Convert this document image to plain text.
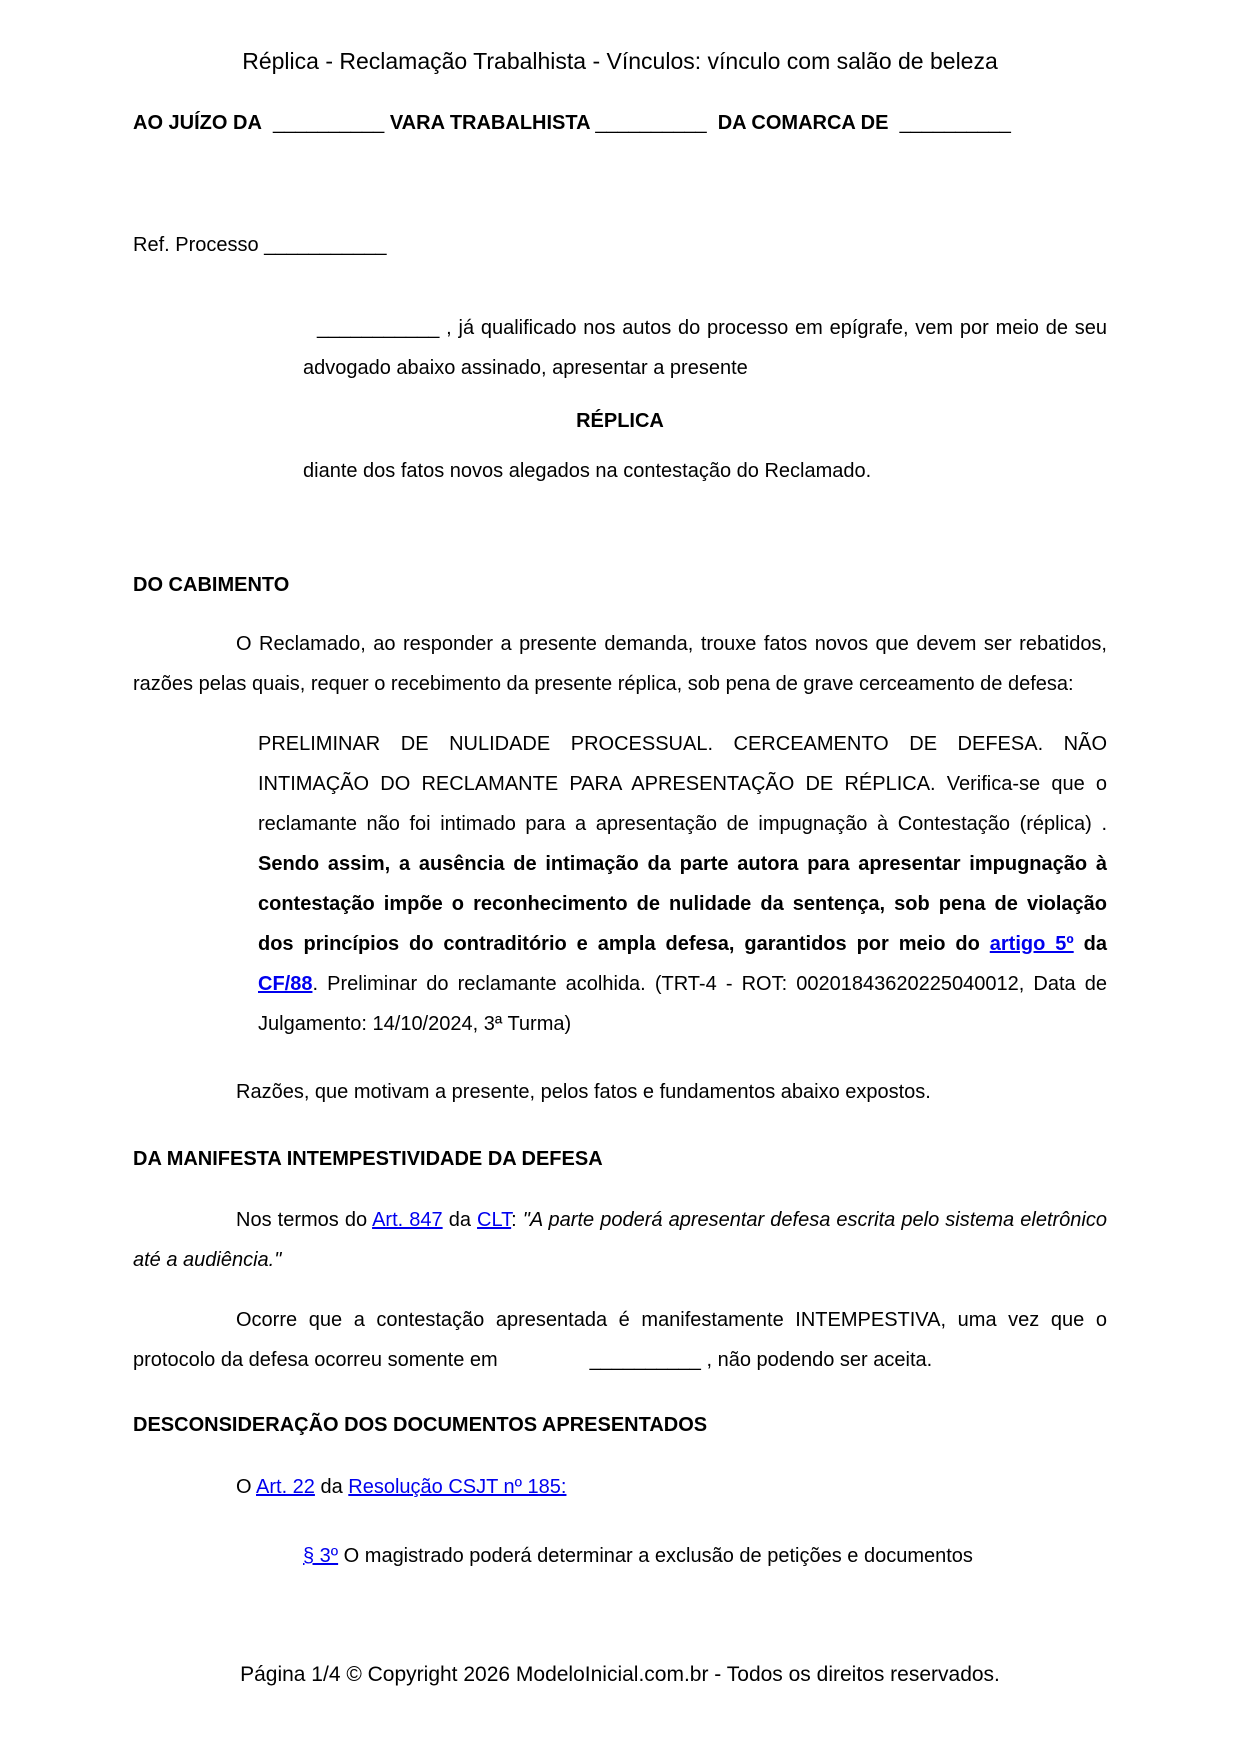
Réplica - Reclamação Trabalhista - Vínculos: vínculo com salão de beleza
AO JUÍZO DA __________ VARA TRABALHISTA __________ DA COMARCA DE __________
Ref. Processo ___________

___________ , já qualificado nos autos do processo em epígrafe, vem por meio de seu advogado abaixo assinado, apresentar a presente

RÉPLICA

diante dos fatos novos alegados na contestação do Reclamado.

DO CABIMENTO

O Reclamado, ao responder a presente demanda, trouxe fatos novos que devem ser rebatidos, razões pelas quais, requer o recebimento da presente réplica, sob pena de grave cerceamento de defesa:

PRELIMINAR DE NULIDADE PROCESSUAL. CERCEAMENTO DE DEFESA. NÃO INTIMAÇÃO DO RECLAMANTE PARA APRESENTAÇÃO DE RÉPLICA. Verifica-se que o reclamante não foi intimado para a apresentação de impugnação à Contestação (réplica) . Sendo assim, a ausência de intimação da parte autora para apresentar impugnação à contestação impõe o reconhecimento de nulidade da sentença, sob pena de violação dos princípios do contraditório e ampla defesa, garantidos por meio do artigo 5º da CF/88. Preliminar do reclamante acolhida. (TRT-4 - ROT: 00201843620225040012, Data de Julgamento: 14/10/2024, 3ª Turma)

Razões, que motivam a presente, pelos fatos e fundamentos abaixo expostos.

DA MANIFESTA INTEMPESTIVIDADE DA DEFESA

Nos termos do Art. 847 da CLT: "A parte poderá apresentar defesa escrita pelo sistema eletrônico até a audiência."

Ocorre que a contestação apresentada é manifestamente INTEMPESTIVA, uma vez que o protocolo da defesa ocorreu somente em	__________ , não podendo ser aceita.

DESCONSIDERAÇÃO DOS DOCUMENTOS APRESENTADOS

O Art. 22 da Resolução CSJT nº 185:

§ 3º O magistrado poderá determinar a exclusão de petições e documentos
Página 1/4 © Copyright 2026 ModeloInicial.com.br - Todos os direitos reservados.
